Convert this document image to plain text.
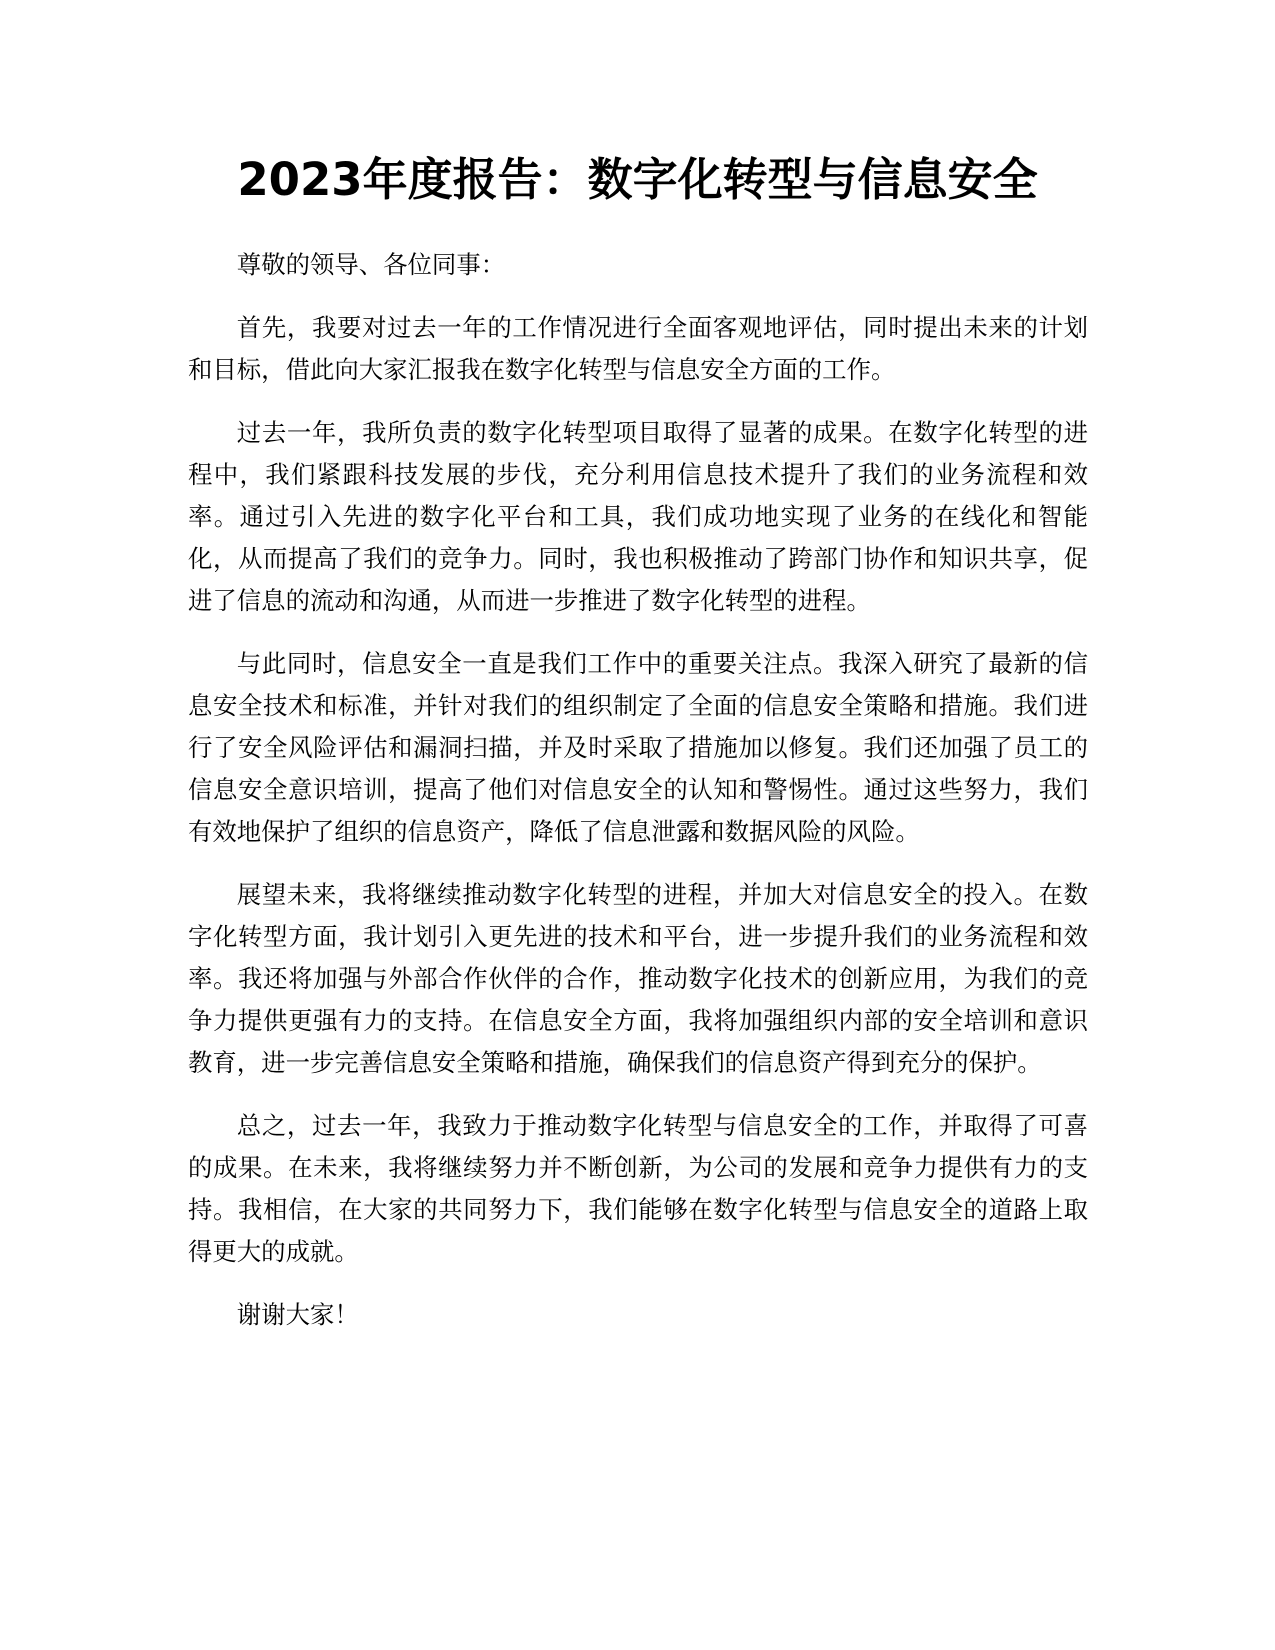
2023年度报告：数字化转型与信息安全

尊敬的领导、各位同事：

首先，我要对过去一年的工作情况进行全面客观地评估，同时提出未来的计划和目标，借此向大家汇报我在数字化转型与信息安全方面的工作。

过去一年，我所负责的数字化转型项目取得了显著的成果。在数字化转型的进程中，我们紧跟科技发展的步伐，充分利用信息技术提升了我们的业务流程和效率。通过引入先进的数字化平台和工具，我们成功地实现了业务的在线化和智能化，从而提高了我们的竞争力。同时，我也积极推动了跨部门协作和知识共享，促进了信息的流动和沟通，从而进一步推进了数字化转型的进程。

与此同时，信息安全一直是我们工作中的重要关注点。我深入研究了最新的信息安全技术和标准，并针对我们的组织制定了全面的信息安全策略和措施。我们进行了安全风险评估和漏洞扫描，并及时采取了措施加以修复。我们还加强了员工的信息安全意识培训，提高了他们对信息安全的认知和警惕性。通过这些努力，我们有效地保护了组织的信息资产，降低了信息泄露和数据风险的风险。

展望未来，我将继续推动数字化转型的进程，并加大对信息安全的投入。在数字化转型方面，我计划引入更先进的技术和平台，进一步提升我们的业务流程和效率。我还将加强与外部合作伙伴的合作，推动数字化技术的创新应用，为我们的竞争力提供更强有力的支持。在信息安全方面，我将加强组织内部的安全培训和意识教育，进一步完善信息安全策略和措施，确保我们的信息资产得到充分的保护。

总之，过去一年，我致力于推动数字化转型与信息安全的工作，并取得了可喜的成果。在未来，我将继续努力并不断创新，为公司的发展和竞争力提供有力的支持。我相信，在大家的共同努力下，我们能够在数字化转型与信息安全的道路上取得更大的成就。

谢谢大家！
